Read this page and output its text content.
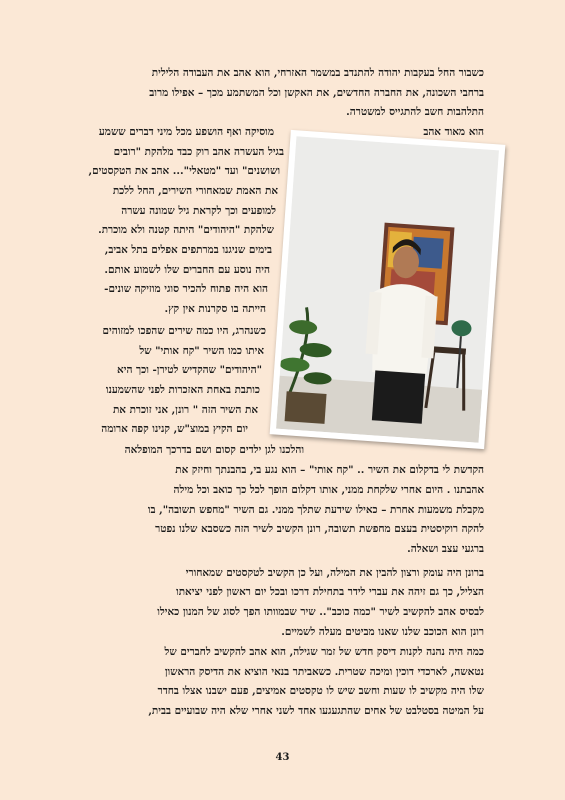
כשבור החל בעקבות יהודה להתנדב במשמר האזרחי, הוא אהב את העבודה הלילית
ברחבי השכונה, את החברה החדשים, את האקשן וכל המשתמע מכך – אפילו מרוב
התלהבות חשב להתגייס למשטרה.
הוא מאוד אהב
מוסיקה ואף הושפע מכל מיני דברים ששמע
בגיל העשרה אהב רוק כבד מלהקת "רובים
ושושנים" ועד "מטאלי"... אהב את הטקסטים,
את האמת שמאחורי השירים, החל ללכת
למופעים וכך לקראת גיל שמונה עשרה
שלהקת "היהודים" היתה קטנה ולא מוכרת.
בימים שניגנו במרתפים אפלים בתל אביב,
היה נוסע עם החברים שלו לשמוע אותם.
הוא היה פתוח להכיר סוגי מוזיקה שונים-
הייתה בו סקרנות אין קץ.
כשנהרג, היו כמה שירים שהפכו למזוהים
איתו כמו השיר "קח אותי" של
"היהודים" שהקדיש לטירן- וכך היא
כותבת באחת האזכרות לפני שהשמענו
את השיר הזה " רונן, אני זוכרת את
יום הקיץ במוצ"ש, קנינו קפה ארומה
והלכנו לגן ילדים קסום ושם בדרכך המופלאה
הקדשת לי בדקלום את השיר .. "קח אותי" – הוא נגע בי, בהבנתך וחיזק את
אהבתנו . היום אחרי שלקחת ממני, אותו דקלום הופך לכל כך כואב וכל מילה
מקבלת משמעות אחרת – כאילו שידעת שתלך ממני. גם השיר "מחפש תשובה", בו
להקה רוקיסטית בעצם מחפשת תשובה, רונן הקשיב לשיר הזה כשסבא שלנו נפטר
ברגעי עצב ושאלה.
ברונן היה עומק ורצון להבין את המילה, ועל כן הקשיב לטקסטים שמאחורי
הצליל, כך גם זיהה את עברי לידר בתחילת דרכו ובכל יום ראשון לפני יציאתו
לבסיס אהב להקשיב לשיר "כמה כוכב".. שיר שבמוותו הפך לסוג של המנון כאילו
רונן הוא הכוכב שלנו שאנו מביטים מעלה לשמיים.
כמה היה נהנה לקנות דיסק חדש של זמר שגילה, הוא אהב להקשיב לחברים של
נטאשה, לארכדי דוכין ומיכה שטרית. כשאביתר בנאי הוציא את הדיסק הראשון
שלו היה מקשיב לו שעות וחשב שיש לו טקסטים אמיצים, פעם ישבנו אצלו בחדר
על המיטה בסטלבט של אחים שהתגעגעו אחד לשני אחרי שלא היה שבועיים בבית,
43
